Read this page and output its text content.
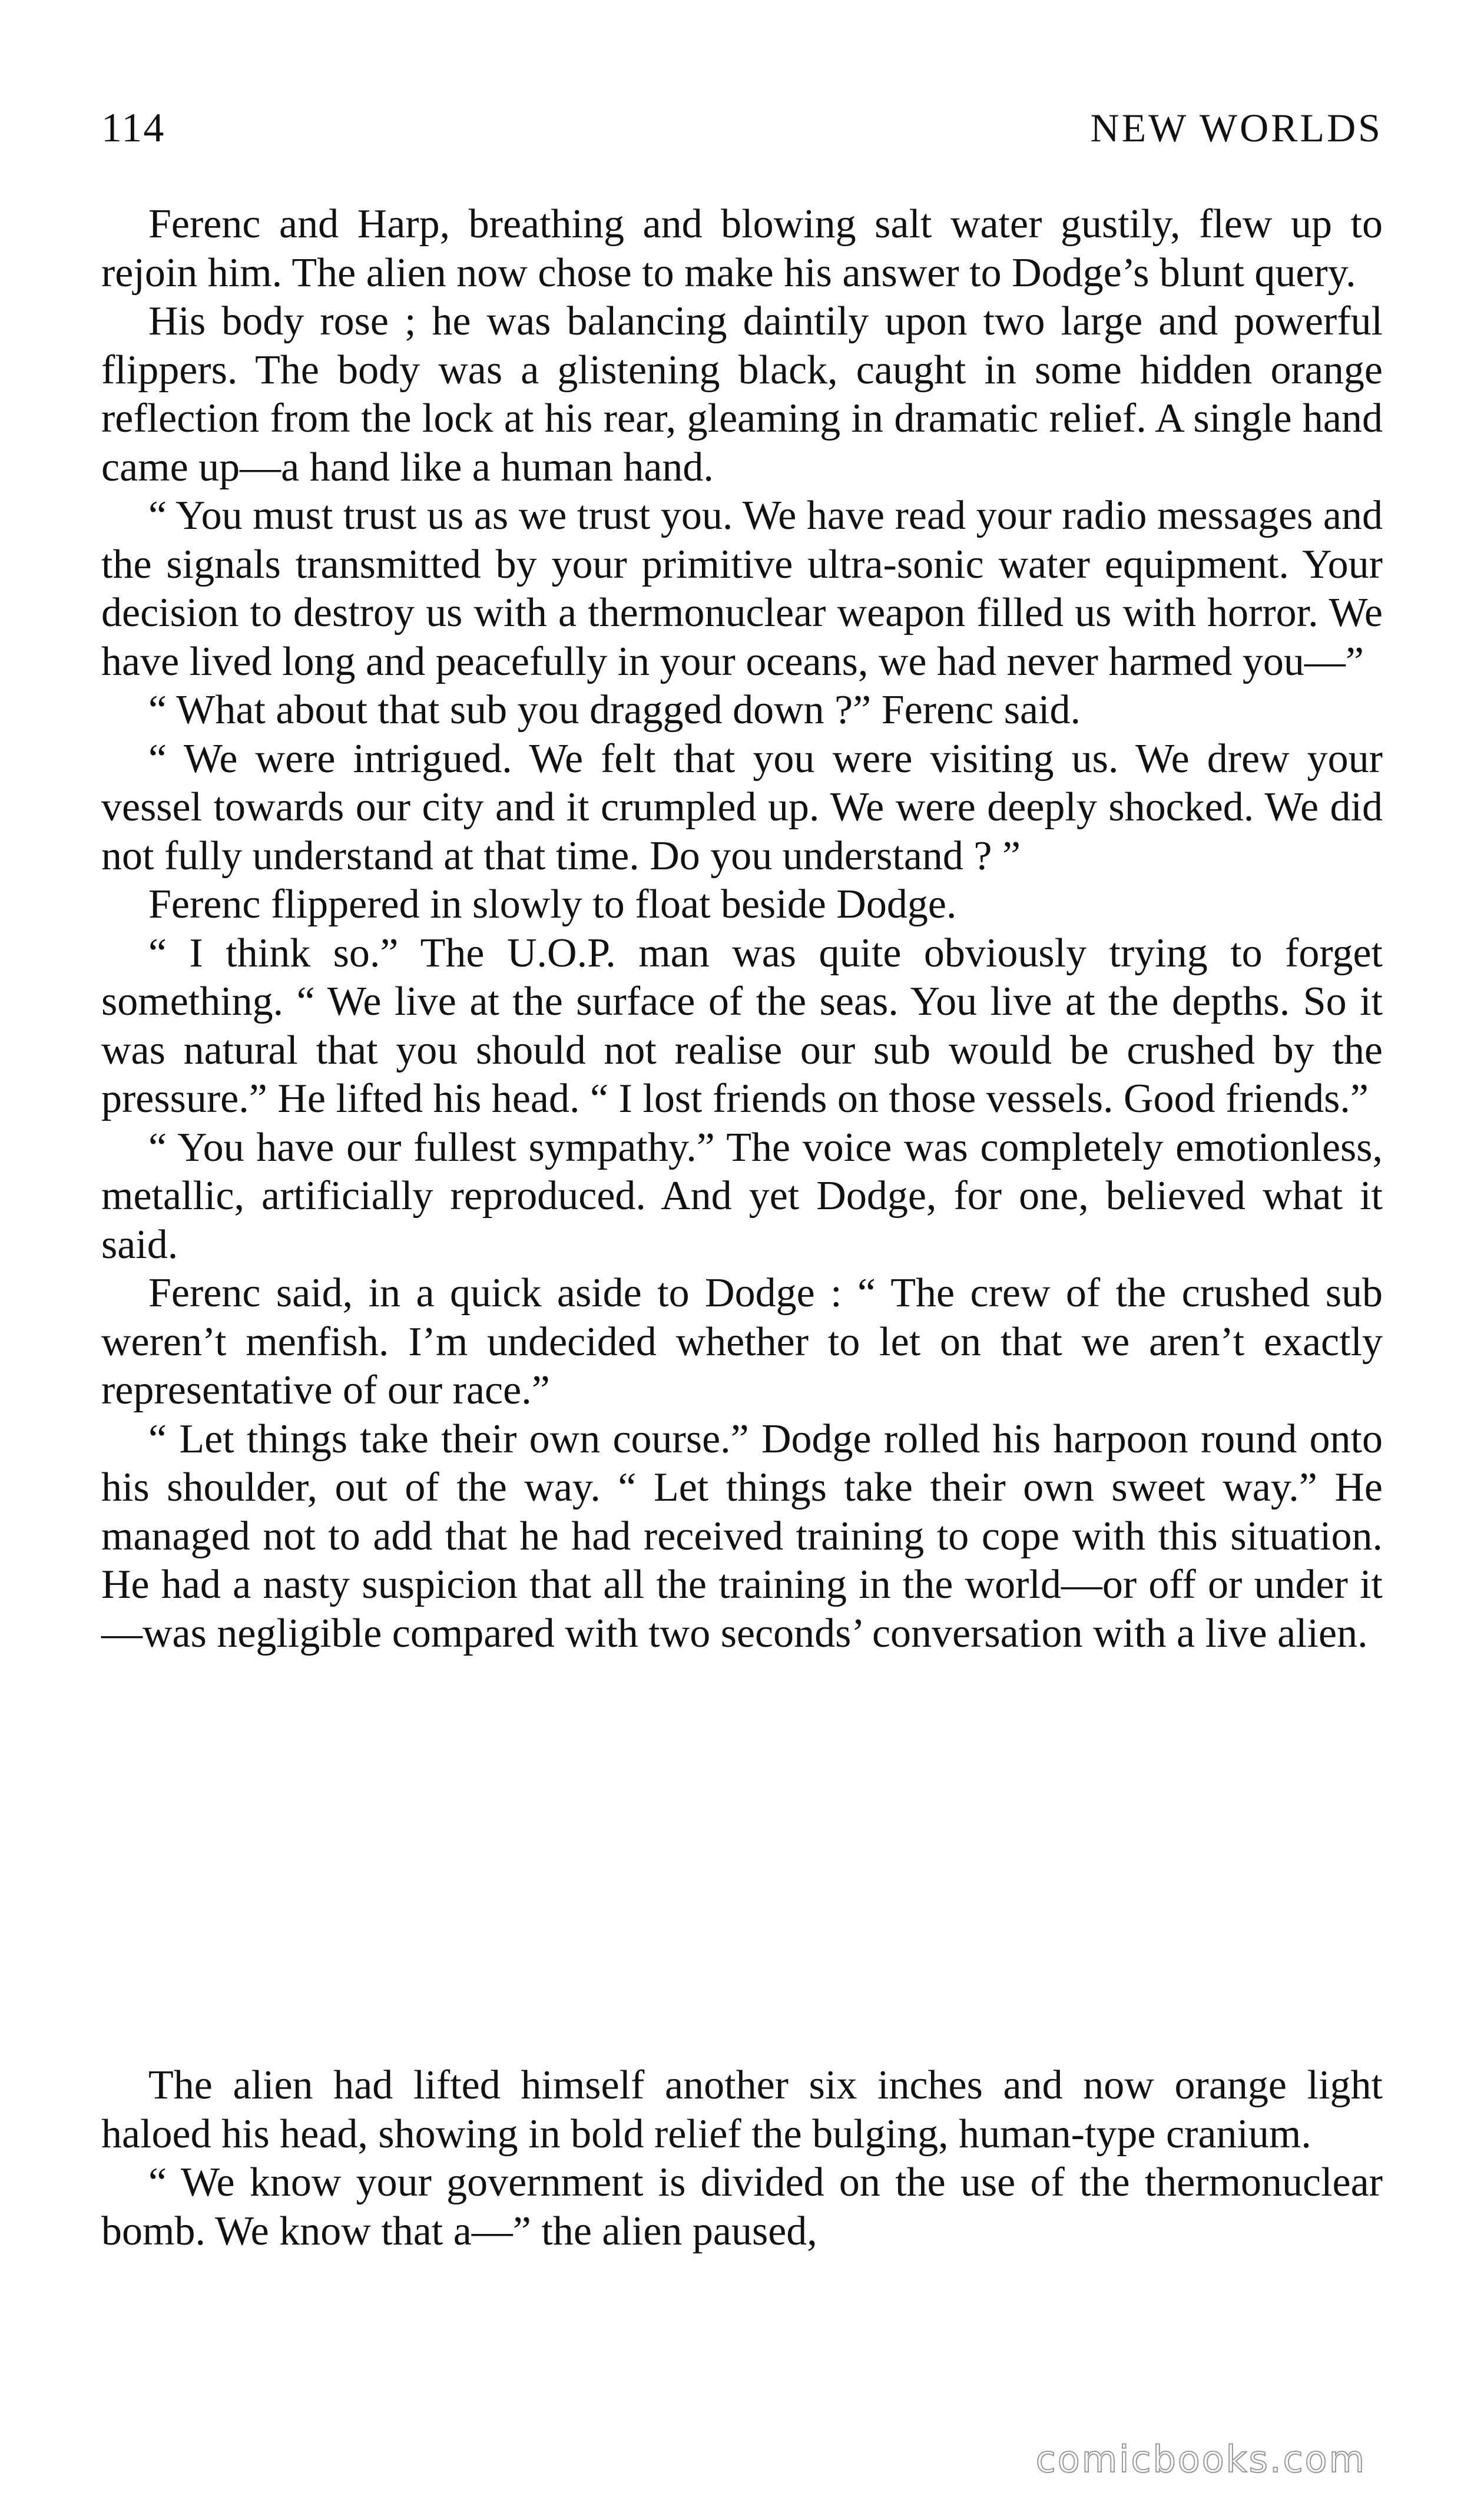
114	NEW WORLDS

Ferenc and Harp, breathing and blowing salt water gustily, flew up to rejoin him. The alien now chose to make his answer to Dodge’s blunt query.

His body rose ; he was balancing daintily upon two large and powerful flippers. The body was a glistening black, caught in some hidden orange reflection from the lock at his rear, gleaming in dramatic relief. A single hand came up—a hand like a human hand.

“ You must trust us as we trust you. We have read your radio messages and the signals transmitted by your primitive ultra-sonic water equipment. Your decision to destroy us with a thermonuclear weapon filled us with horror. We have lived long and peacefully in your oceans, we had never harmed you—”

“ What about that sub you dragged down ?” Ferenc said.

“ We were intrigued. We felt that you were visiting us. We drew your vessel towards our city and it crumpled up. We were deeply shocked. We did not fully understand at that time. Do you understand ? ”

Ferenc flippered in slowly to float beside Dodge.

“ I think so.” The U.O.P. man was quite obviously trying to forget something. “ We live at the surface of the seas. You live at the depths. So it was natural that you should not realise our sub would be crushed by the pressure.” He lifted his head. “ I lost friends on those vessels. Good friends.”

“ You have our fullest sympathy.” The voice was completely emotionless, metallic, artificially reproduced. And yet Dodge, for one, believed what it said.

Ferenc said, in a quick aside to Dodge : “ The crew of the crushed sub weren’t menfish. I’m undecided whether to let on that we aren’t exactly representative of our race.”

“ Let things take their own course.” Dodge rolled his harpoon round onto his shoulder, out of the way. “ Let things take their own sweet way.” He managed not to add that he had received training to cope with this situation. He had a nasty suspicion that all the training in the world—or off or under it—was negligible compared with two seconds’ conversation with a live alien.

The alien had lifted himself another six inches and now orange light haloed his head, showing in bold relief the bulging, human-type cranium.

“ We know your government is divided on the use of the thermonuclear bomb. We know that a—” the alien paused,

comicbooks.com
